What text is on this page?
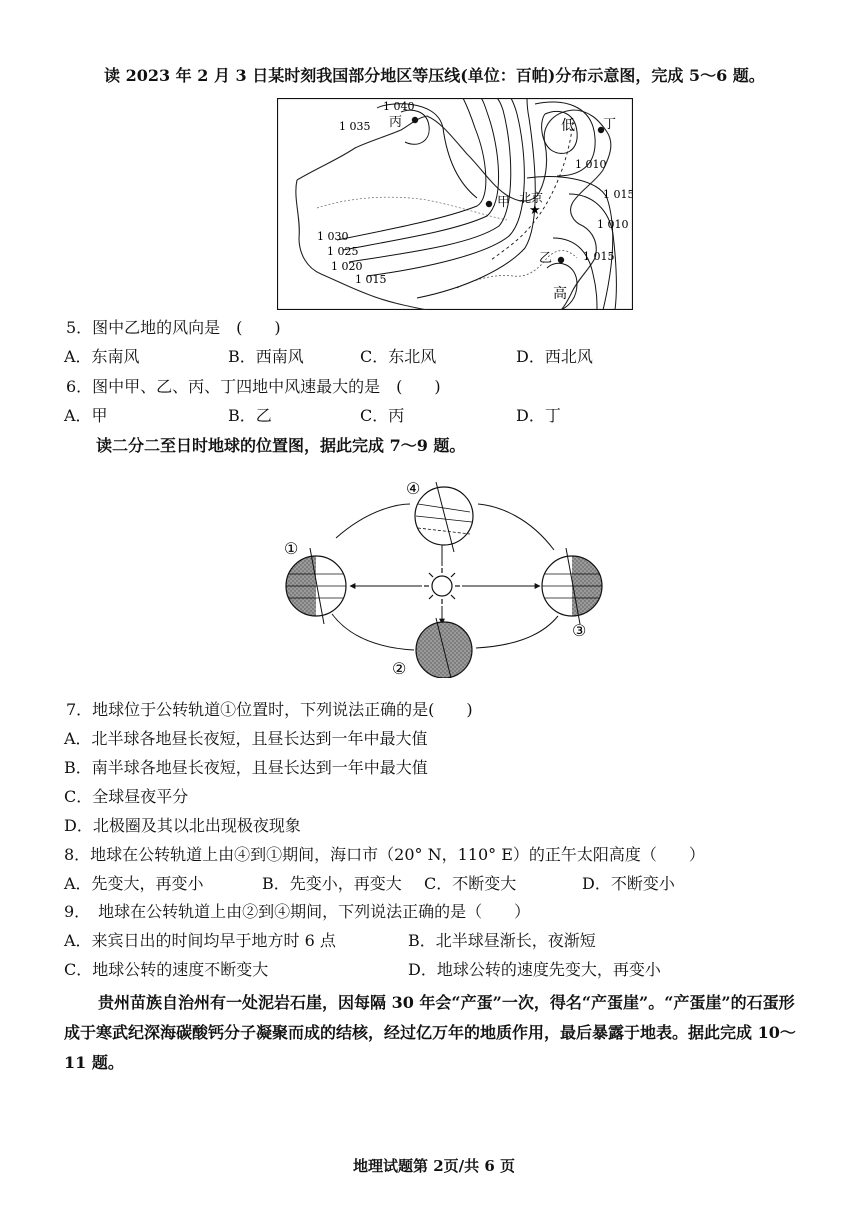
读 2023 年 2 月 3 日某时刻我国部分地区等压线(单位：百帕)分布示意图，完成 5～6 题。
★
1 040
1 035
1 030
1 025
1 020
1 015
1 010
1 015
1 010
1 015
丙	丁
甲
乙
北京
低
高
5．图中乙地的风向是　(　　)
A．东南风	B．西南风	C．东北风	D．西北风
6．图中甲、乙、丙、丁四地中风速最大的是　(　　)
A．甲	B．乙	C．丙	D．丁
读二分二至日时地球的位置图，据此完成 7～9 题。
④
①
③
②
7．地球位于公转轨道①位置时，下列说法正确的是(　　)
A．北半球各地昼长夜短，且昼长达到一年中最大值
B．南半球各地昼长夜短，且昼长达到一年中最大值
C．全球昼夜平分
D．北极圈及其以北出现极夜现象
8．地球在公转轨道上由④到①期间，海口市（20° N，110° E）的正午太阳高度（　　）
A．先变大，再变小	B．先变小，再变大 C．不断变大	D．不断变小
9．　地球在公转轨道上由②到④期间，下列说法正确的是（　　）
A．来宾日出的时间均早于地方时 6 点	B．北半球昼渐长，夜渐短
C．地球公转的速度不断变大	D．地球公转的速度先变大，再变小
贵州苗族自治州有一处泥岩石崖，因每隔 30 年会“产蛋”一次，得名“产蛋崖”。“产蛋崖”的石蛋形成于寒武纪深海碳酸钙分子凝聚而成的结核，经过亿万年的地质作用，最后暴露于地表。据此完成 10～11 题。
地理试题第 2页/共 6 页
